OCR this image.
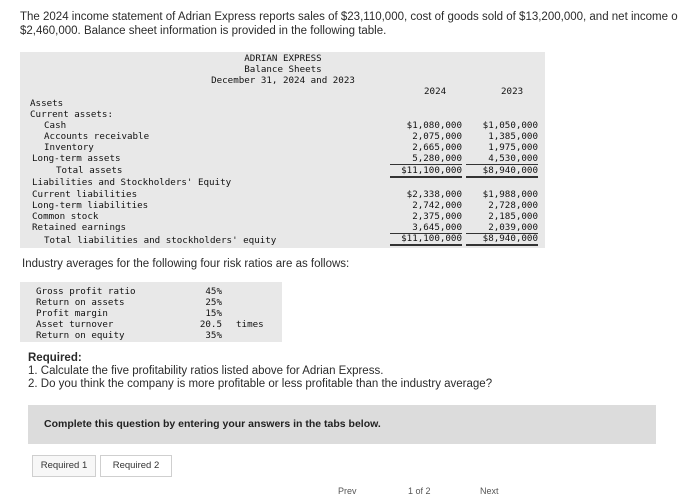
The 2024 income statement of Adrian Express reports sales of $23,110,000, cost of goods sold of $13,200,000, and net income o
$2,460,000. Balance sheet information is provided in the following table.
ADRIAN EXPRESS
Balance Sheets
December 31, 2024 and 2023
2024	2023
Assets
Current assets:
Cash	$1,080,000	$1,050,000
Accounts receivable	2,075,000	1,385,000
Inventory	2,665,000	1,975,000
Long-term assets	5,280,000	4,530,000
Total assets	$11,100,000	$8,940,000
Liabilities and Stockholders' Equity
Current liabilities	$2,338,000	$1,988,000
Long-term liabilities	2,742,000	2,728,000
Common stock	2,375,000	2,185,000
Retained earnings	3,645,000	2,039,000
Total liabilities and stockholders' equity	$11,100,000	$8,940,000
Industry averages for the following four risk ratios are as follows:
Gross profit ratio	45%
Return on assets	25%
Profit margin	15%
Asset turnover	20.5 times
Return on equity	35%
Required:
1. Calculate the five profitability ratios listed above for Adrian Express.
2. Do you think the company is more profitable or less profitable than the industry average?
Complete this question by entering your answers in the tabs below.
Required 1	Required 2
Prev	1 of 2	Next
